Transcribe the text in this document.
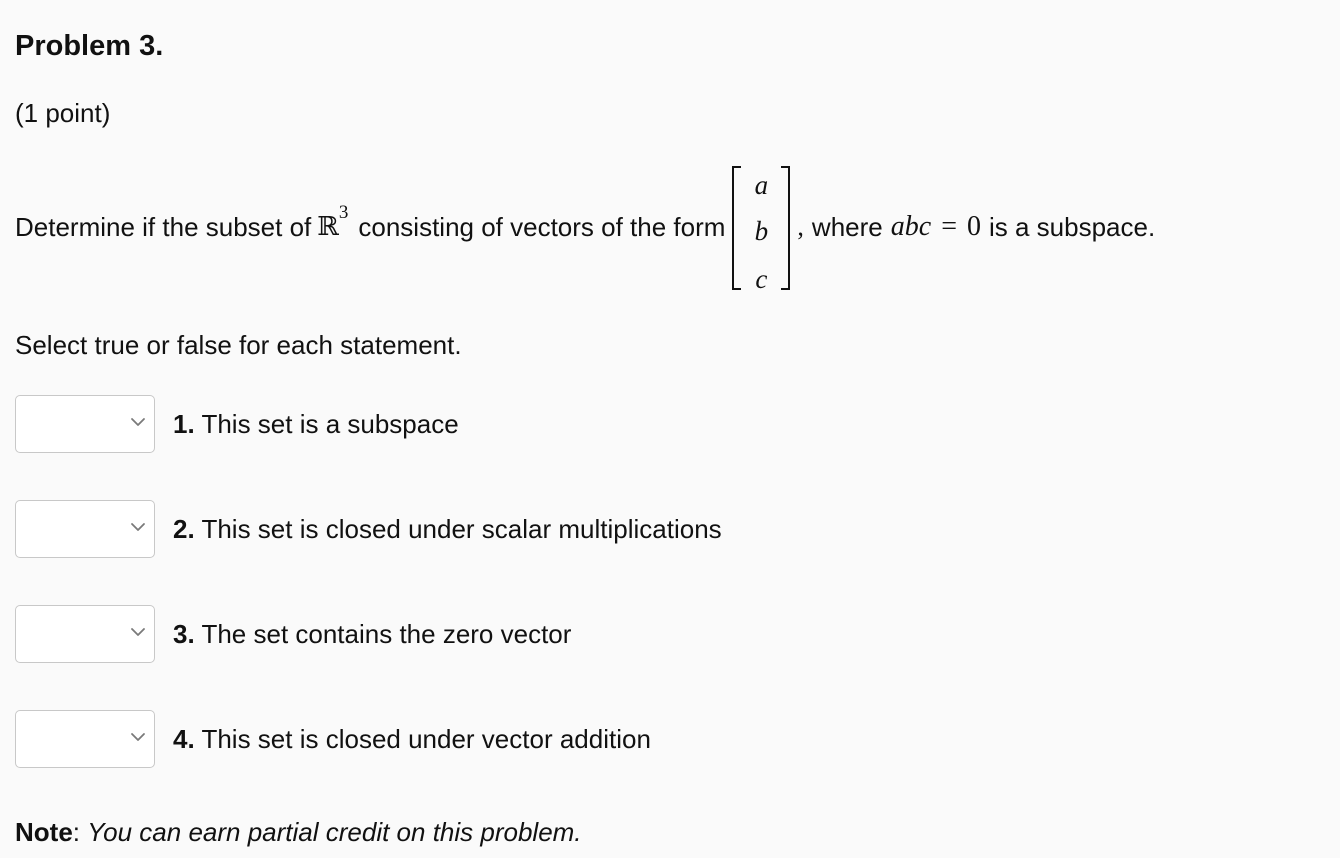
Problem 3.
(1 point)
Determine if the subset of ℝ 3 consisting of vectors of the form
a
b
c
, where abc = 0 is a subspace.
Select true or false for each statement.
1. This set is a subspace
2. This set is closed under scalar multiplications
3. The set contains the zero vector
4. This set is closed under vector addition
Note: You can earn partial credit on this problem.
